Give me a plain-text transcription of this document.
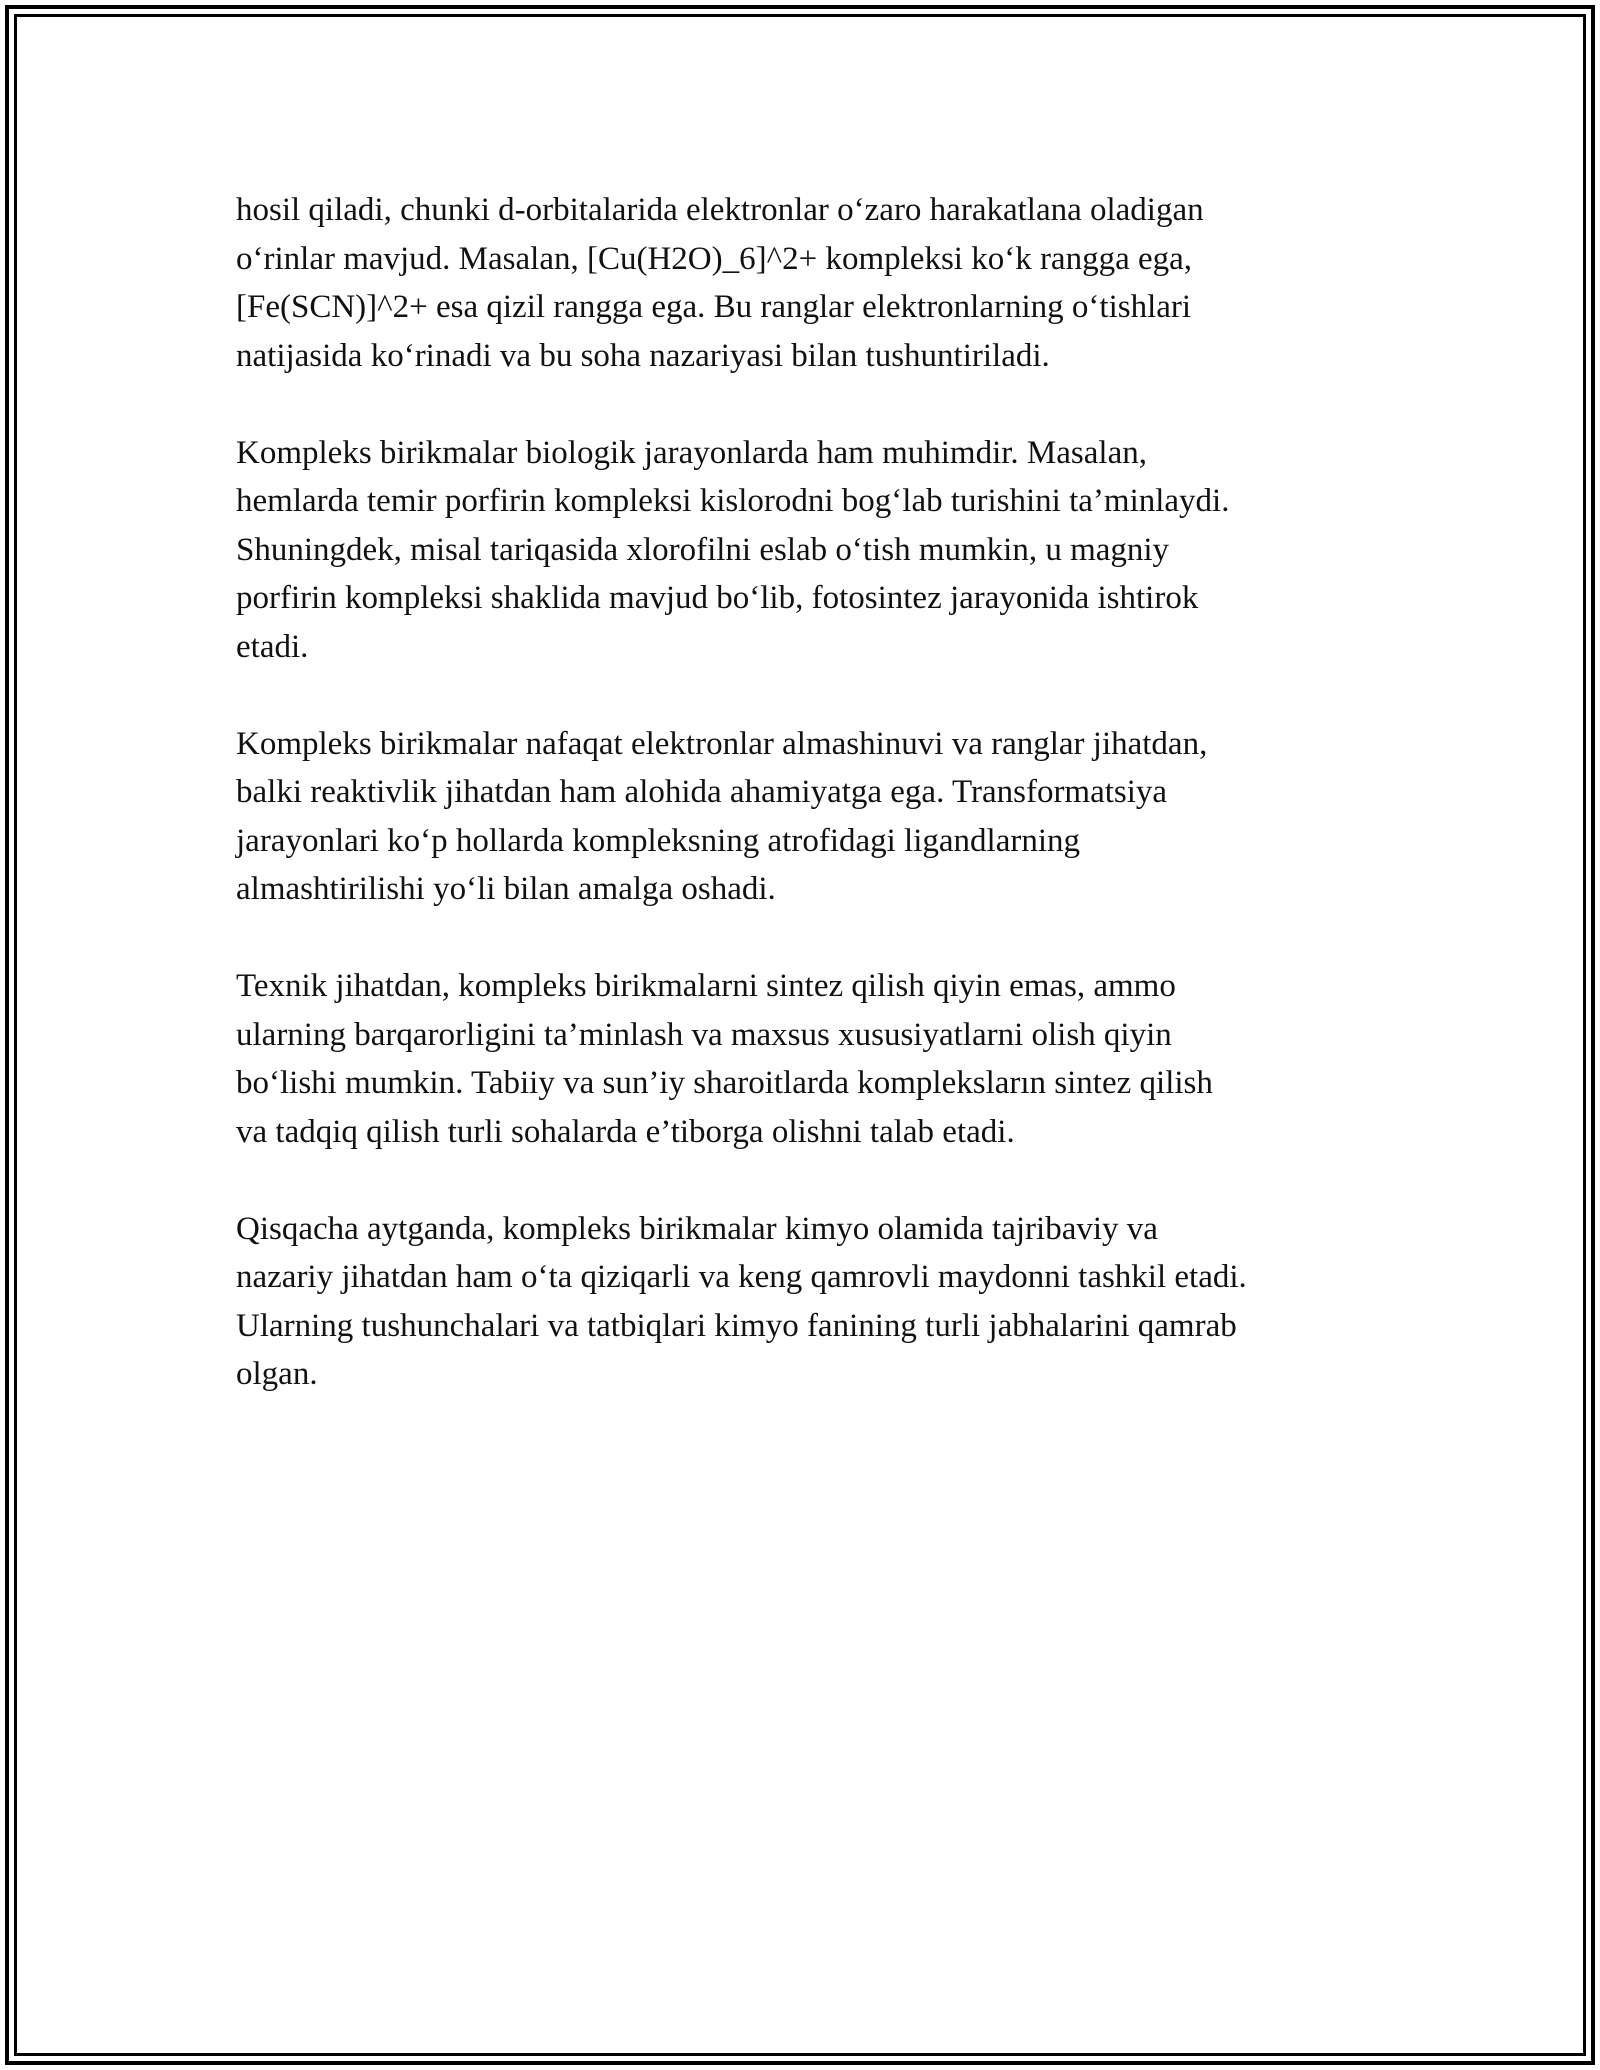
hosil qiladi, chunki d-orbitalarida elektronlar oʻzaro harakatlana oladigan
oʻrinlar mavjud. Masalan, [Cu(H2O)_6]^2+ kompleksi koʻk rangga ega,
[Fe(SCN)]^2+ esa qizil rangga ega. Bu ranglar elektronlarning oʻtishlari
natijasida koʻrinadi va bu soha nazariyasi bilan tushuntiriladi.

Kompleks birikmalar biologik jarayonlarda ham muhimdir. Masalan,
hemlarda temir porfirin kompleksi kislorodni bogʻlab turishini ta’minlaydi.
Shuningdek, misal tariqasida xlorofilni eslab oʻtish mumkin, u magniy
porfirin kompleksi shaklida mavjud boʻlib, fotosintez jarayonida ishtirok
etadi.

Kompleks birikmalar nafaqat elektronlar almashinuvi va ranglar jihatdan,
balki reaktivlik jihatdan ham alohida ahamiyatga ega. Transformatsiya
jarayonlari koʻp hollarda kompleksning atrofidagi ligandlarning
almashtirilishi yoʻli bilan amalga oshadi.

Texnik jihatdan, kompleks birikmalarni sintez qilish qiyin emas, ammo
ularning barqarorligini ta’minlash va maxsus xususiyatlarni olish qiyin
boʻlishi mumkin. Tabiiy va sun’iy sharoitlarda kompleksların sintez qilish
va tadqiq qilish turli sohalarda e’tiborga olishni talab etadi.

Qisqacha aytganda, kompleks birikmalar kimyo olamida tajribaviy va
nazariy jihatdan ham oʻta qiziqarli va keng qamrovli maydonni tashkil etadi.
Ularning tushunchalari va tatbiqlari kimyo fanining turli jabhalarini qamrab
olgan.
